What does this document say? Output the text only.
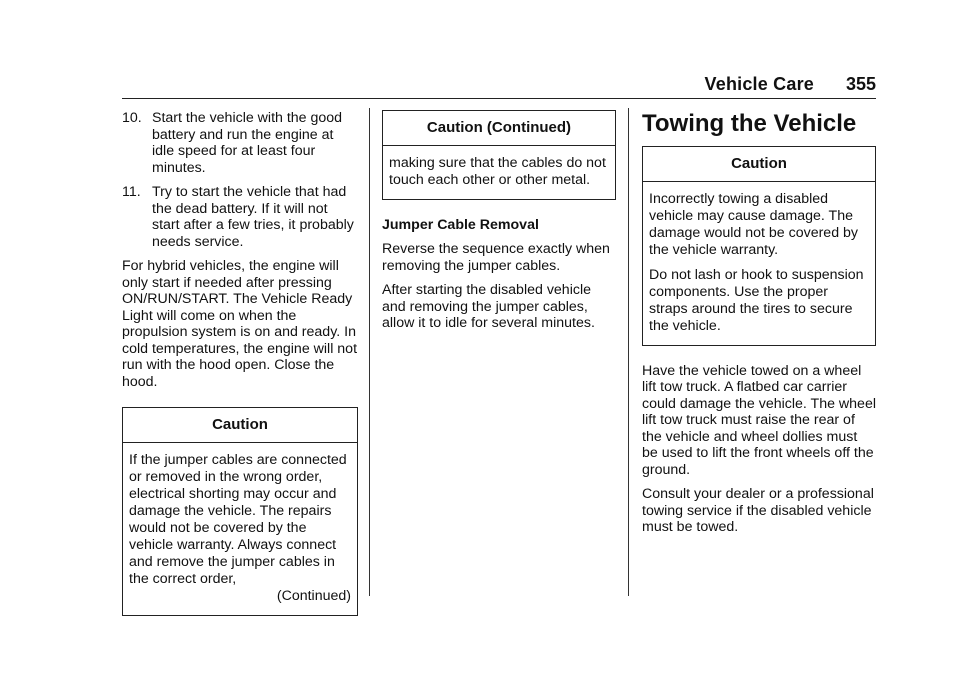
Vehicle Care 355
10. Start the vehicle with the good battery and run the engine at idle speed for at least four minutes.
11. Try to start the vehicle that had the dead battery. If it will not start after a few tries, it probably needs service.

For hybrid vehicles, the engine will only start if needed after pressing ON/RUN/START. The Vehicle Ready Light will come on when the propulsion system is on and ready. In cold temperatures, the engine will not run with the hood open. Close the hood.

Caution

If the jumper cables are connected or removed in the wrong order, electrical shorting may occur and damage the vehicle. The repairs would not be covered by the vehicle warranty. Always connect and remove the jumper cables in the correct order,

(Continued)

Caution (Continued)

making sure that the cables do not touch each other or other metal.

Jumper Cable Removal

Reverse the sequence exactly when removing the jumper cables.

After starting the disabled vehicle and removing the jumper cables, allow it to idle for several minutes.

Towing the Vehicle
Caution

Incorrectly towing a disabled vehicle may cause damage. The damage would not be covered by the vehicle warranty.

Do not lash or hook to suspension components. Use the proper straps around the tires to secure the vehicle.

Have the vehicle towed on a wheel lift tow truck. A flatbed car carrier could damage the vehicle. The wheel lift tow truck must raise the rear of the vehicle and wheel dollies must be used to lift the front wheels off the ground.

Consult your dealer or a professional towing service if the disabled vehicle must be towed.
